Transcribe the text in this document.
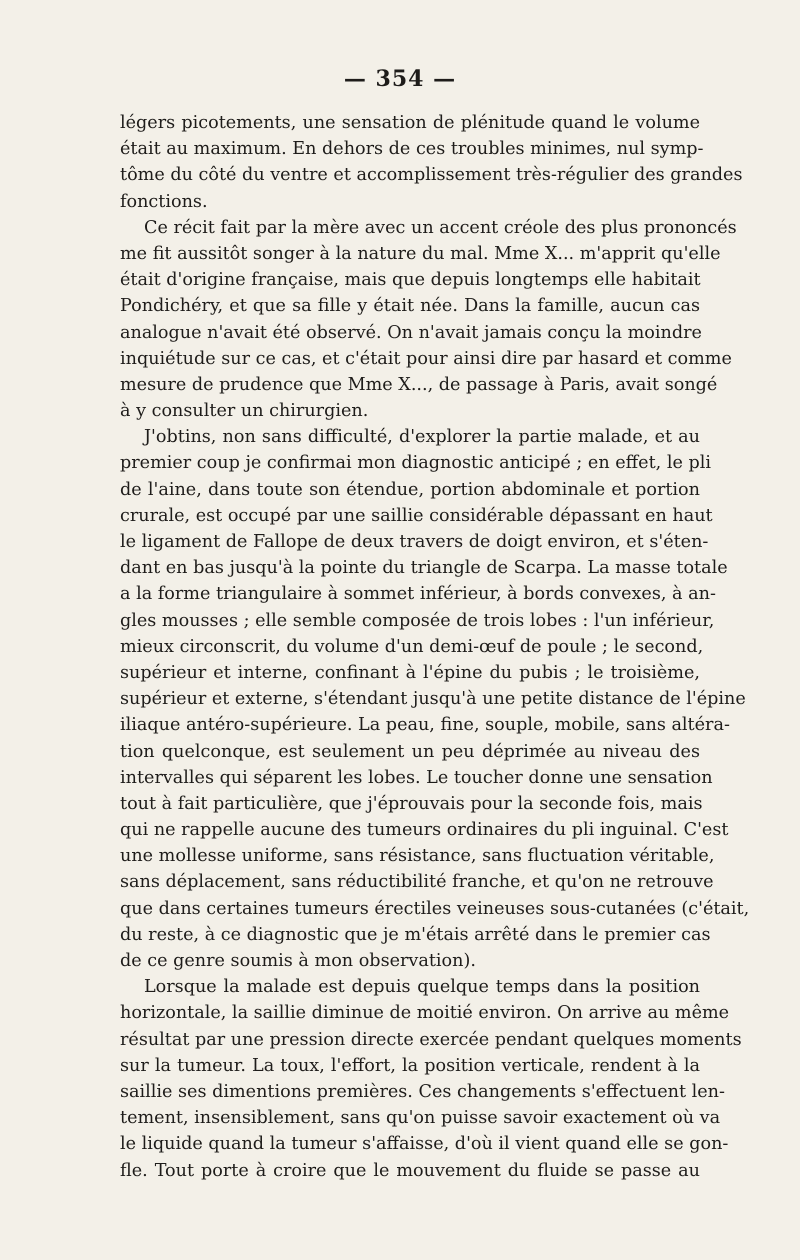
— 354 —
légers picotements, une sensation de plénitude quand le volume
était au maximum. En dehors de ces troubles minimes, nul symp-
tôme du côté du ventre et accomplissement très-régulier des grandes
fonctions.
Ce récit fait par la mère avec un accent créole des plus prononcés
me fit aussitôt songer à la nature du mal. Mme X... m'apprit qu'elle
était d'origine française, mais que depuis longtemps elle habitait
Pondichéry, et que sa fille y était née. Dans la famille, aucun cas
analogue n'avait été observé. On n'avait jamais conçu la moindre
inquiétude sur ce cas, et c'était pour ainsi dire par hasard et comme
mesure de prudence que Mme X..., de passage à Paris, avait songé
à y consulter un chirurgien.
J'obtins, non sans difficulté, d'explorer la partie malade, et au
premier coup je confirmai mon diagnostic anticipé ; en effet, le pli
de l'aine, dans toute son étendue, portion abdominale et portion
crurale, est occupé par une saillie considérable dépassant en haut
le ligament de Fallope de deux travers de doigt environ, et s'éten-
dant en bas jusqu'à la pointe du triangle de Scarpa. La masse totale
a la forme triangulaire à sommet inférieur, à bords convexes, à an-
gles mousses ; elle semble composée de trois lobes : l'un inférieur,
mieux circonscrit, du volume d'un demi-œuf de poule ; le second,
supérieur et interne, confinant à l'épine du pubis ; le troisième,
supérieur et externe, s'étendant jusqu'à une petite distance de l'épine
iliaque antéro-supérieure. La peau, fine, souple, mobile, sans altéra-
tion quelconque, est seulement un peu déprimée au niveau des
intervalles qui séparent les lobes. Le toucher donne une sensation
tout à fait particulière, que j'éprouvais pour la seconde fois, mais
qui ne rappelle aucune des tumeurs ordinaires du pli inguinal. C'est
une mollesse uniforme, sans résistance, sans fluctuation véritable,
sans déplacement, sans réductibilité franche, et qu'on ne retrouve
que dans certaines tumeurs érectiles veineuses sous-cutanées (c'était,
du reste, à ce diagnostic que je m'étais arrêté dans le premier cas
de ce genre soumis à mon observation).
Lorsque la malade est depuis quelque temps dans la position
horizontale, la saillie diminue de moitié environ. On arrive au même
résultat par une pression directe exercée pendant quelques moments
sur la tumeur. La toux, l'effort, la position verticale, rendent à la
saillie ses dimentions premières. Ces changements s'effectuent len-
tement, insensiblement, sans qu'on puisse savoir exactement où va
le liquide quand la tumeur s'affaisse, d'où il vient quand elle se gon-
fle. Tout porte à croire que le mouvement du fluide se passe au
